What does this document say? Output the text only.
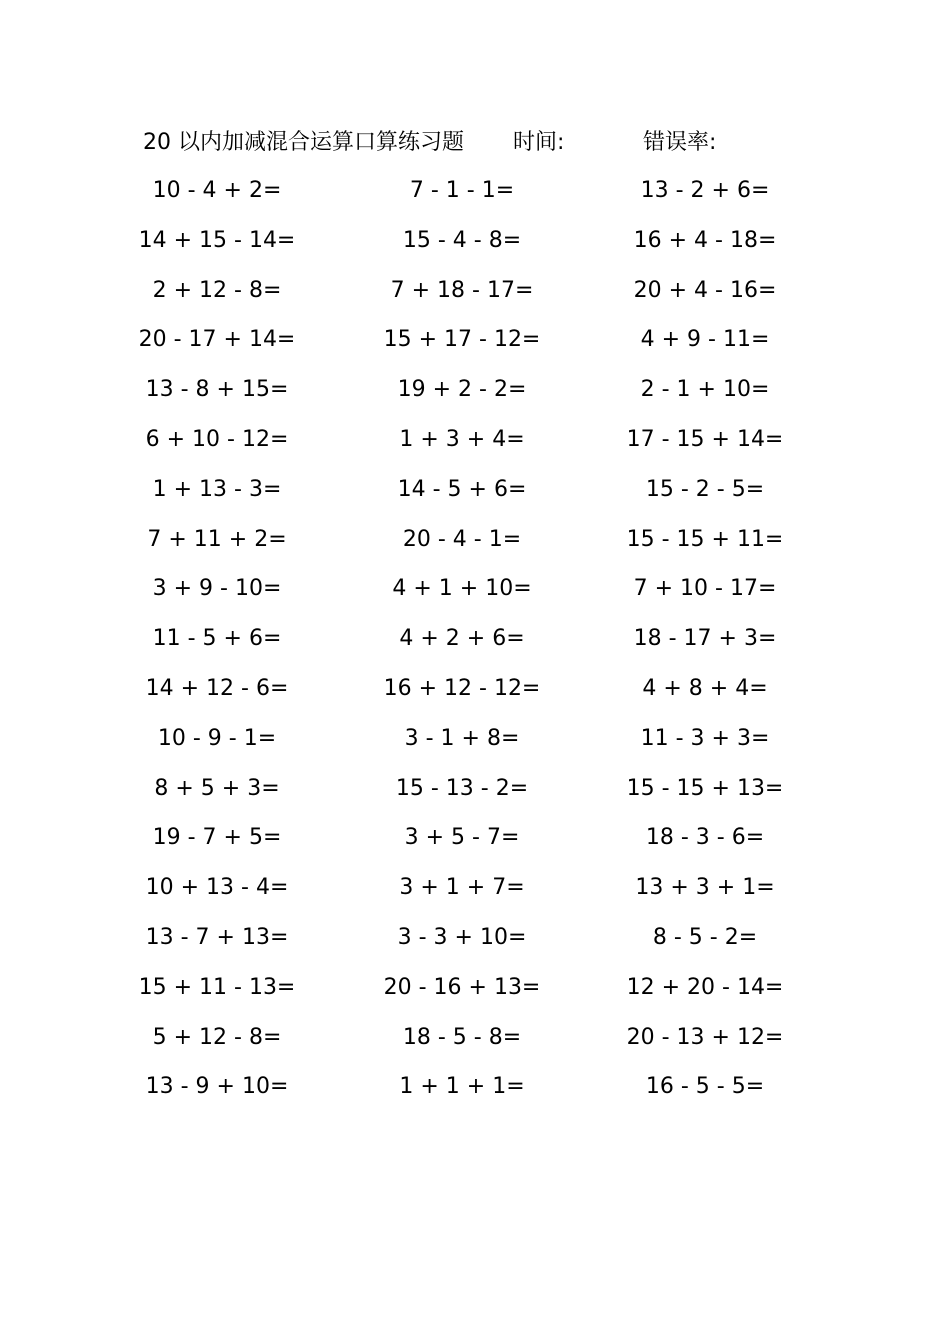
20 以内加减混合运算口算练习题 时间:	错误率:
10 - 4 + 2=	7 - 1 - 1=	13 - 2 + 6=
14 + 15 - 14=	15 - 4 - 8=	16 + 4 - 18=
2 + 12 - 8=	7 + 18 - 17=	20 + 4 - 16=
20 - 17 + 14=	15 + 17 - 12=	4 + 9 - 11=
13 - 8 + 15=	19 + 2 - 2=	2 - 1 + 10=
6 + 10 - 12=	1 + 3 + 4=	17 - 15 + 14=
1 + 13 - 3=	14 - 5 + 6=	15 - 2 - 5=
7 + 11 + 2=	20 - 4 - 1=	15 - 15 + 11=
3 + 9 - 10=	4 + 1 + 10=	7 + 10 - 17=
11 - 5 + 6=	4 + 2 + 6=	18 - 17 + 3=
14 + 12 - 6=	16 + 12 - 12=	4 + 8 + 4=
10 - 9 - 1=	3 - 1 + 8=	11 - 3 + 3=
8 + 5 + 3=	15 - 13 - 2=	15 - 15 + 13=
19 - 7 + 5=	3 + 5 - 7=	18 - 3 - 6=
10 + 13 - 4=	3 + 1 + 7=	13 + 3 + 1=
13 - 7 + 13=	3 - 3 + 10=	8 - 5 - 2=
15 + 11 - 13=	20 - 16 + 13=	12 + 20 - 14=
5 + 12 - 8=	18 - 5 - 8=	20 - 13 + 12=
13 - 9 + 10=	1 + 1 + 1=	16 - 5 - 5=
